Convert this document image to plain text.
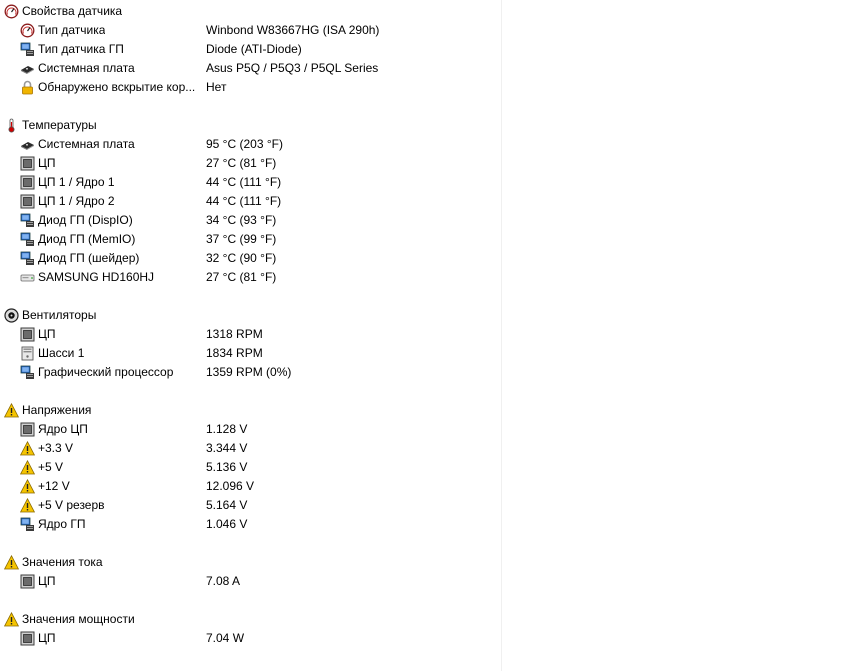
Свойства датчика
Тип датчика	Winbond W83667HG (ISA 290h)
Тип датчика ГП	Diode (ATI-Diode)
Системная плата	Asus P5Q / P5Q3 / P5QL Series
Обнаружено вскрытие кор... Нет
Температуры
Системная плата	95 °C (203 °F)
ЦП	27 °C (81 °F)
ЦП 1 / Ядро 1	44 °C (111 °F)
ЦП 1 / Ядро 2	44 °C (111 °F)
Диод ГП (DispIO)	34 °C (93 °F)
Диод ГП (MemIO)	37 °C (99 °F)
Диод ГП (шейдер)	32 °C (90 °F)
SAMSUNG HD160HJ	27 °C (81 °F)
Вентиляторы
ЦП	1318 RPM
Шасси 1	1834 RPM
Графический процессор	1359 RPM (0%)
Напряжения
Ядро ЦП	1.128 V
+3.3 V	3.344 V
+5 V	5.136 V
+12 V	12.096 V
+5 V резерв	5.164 V
Ядро ГП	1.046 V
Значения тока
ЦП	7.08 A
Значения мощности
ЦП	7.04 W
